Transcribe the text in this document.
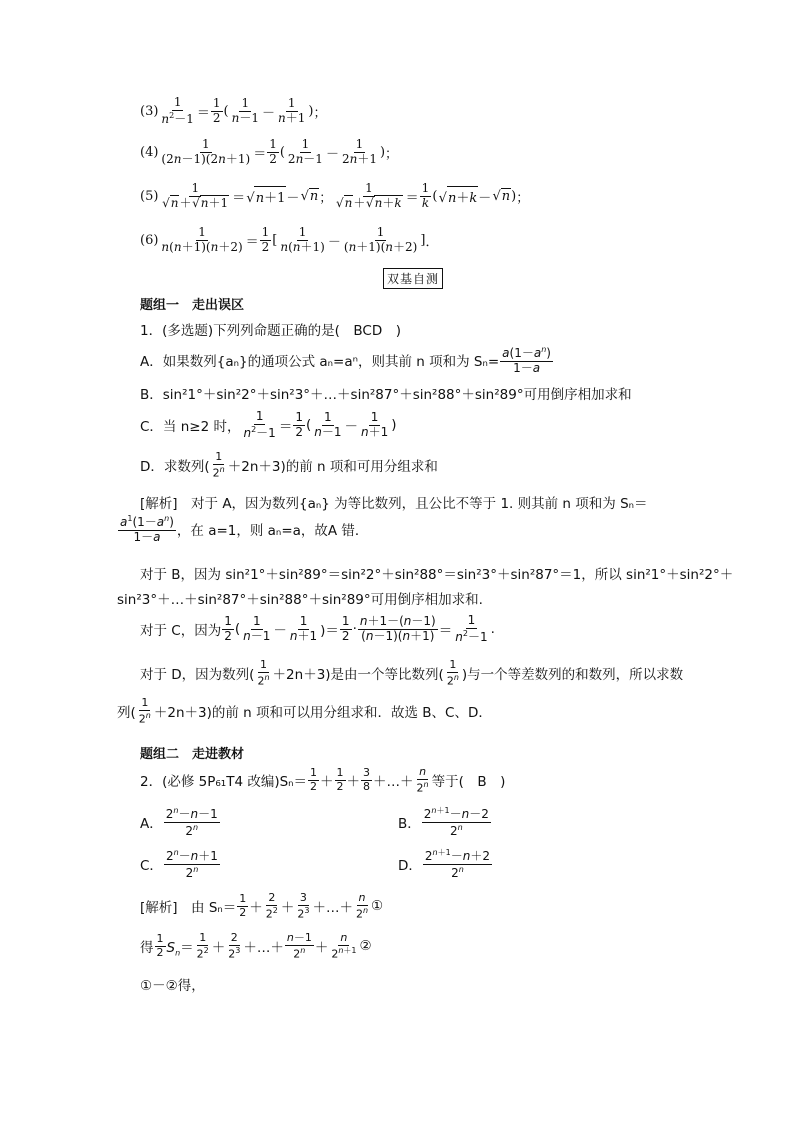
$(3) \frac{1}{n^2-1} = \frac{1}{2}$ ( $\frac{1}{n-1} - \frac{1}{n+1}$ ) ；
$(4) \frac{1}{(2n-1)(2n+1)} = \frac{1}{2}$ ( $\frac{1}{2n-1} - \frac{1}{2n+1}$ ) ；
(5) 1
√ n＋  √ n＋1 ＝ √ n＋1 － √ n ； 1
√ n＋  √ $n+k = \frac{1}{k}$ ( √ n＋k － √ n ) ；
$(6) \frac{1}{n(n+1)(n+2)} = \frac{1}{2}$ [ $\frac{1}{n(n+1)} - \frac{1}{(n+1)(n+2)}$ ] ．
双基自测
题组一　走出误区
1．(多选题)下列列命题正确的是(　BCD　)
A．如果数列{aₙ}的通项公式 aₙ=aⁿ，则其前 n 项和为 $S_n= \frac{a(1-a^n)}{1-a}$
B．sin²1°＋sin²2°＋sin²3°＋…＋sin²87°＋sin²88°＋sin²89°可用倒序相加求和
C．当 n≥2 时， $\frac{1}{n^2-1} = \frac{1}{2}$ ( $\frac{1}{n-1} - \frac{1}{n+1}$ )
D．求数列( $\frac{1}{2^n} +2n+3$)的前 n 项和可用分组求和
[解析]　对于 A，因为数列{aₙ} 为等比数列，且公比不等于 1. 则其前 n 项和为 Sₙ＝
$\frac{a^1(1-a^n)}{1-a}$ ，在 a=1，则 aₙ=a，故A 错．
对于 B，因为 sin²1°＋sin²89°＝sin²2°＋sin²88°＝sin²3°＋sin²87°＝1，所以 sin²1°＋sin²2°＋
sin²3°＋…＋sin²87°＋sin²88°＋sin²89°可用倒序相加求和.
对于 C，因为 $\frac{1}{2}$ ( $\frac{1}{n-1} - \frac{1}{n+1}$ )＝ $\frac{1}{2} \cdot \frac{n+1-(n-1)}{(n-1)(n+1)} = \frac{1}{n^2-1}$ .
对于 D，因为数列( $\frac{1}{2^n} +2n+3$)是由一个等比数列( $\frac{1}{2^n}$ )与一个等差数列的和数列，所以求数
列( $\frac{1}{2^n} +2n+3$)的前 n 项和可以用分组求和．故选 B、C、D．
题组二　走进教材
2．(必修 5P₆₁T4 改编)$S_n= \frac{1}{2} + \frac{1}{2} + \frac{3}{8}$ ＋…＋ $\frac{n}{2^n}$ 等于(　B　)
A． $\frac{2^n-n-1}{2^n}$	B． $\frac{2^{n+1}-n-2}{2^n}$
C． $\frac{2^n-n+1}{2^n}$	D． $\frac{2^{n+1}-n+2}{2^n}$
[解析]　由 $S_n= \frac{1}{2} + \frac{2}{2^2} + \frac{3}{2^3}$ ＋…＋ $\frac{n}{2^n}$ ①
得 $\frac{1}{2} S_n= \frac{1}{2^2} + \frac{2}{2^3}$ ＋…＋ $\frac{n-1}{2^n} + \frac{n}{2^{n+1}}$ ②
①－②得，
